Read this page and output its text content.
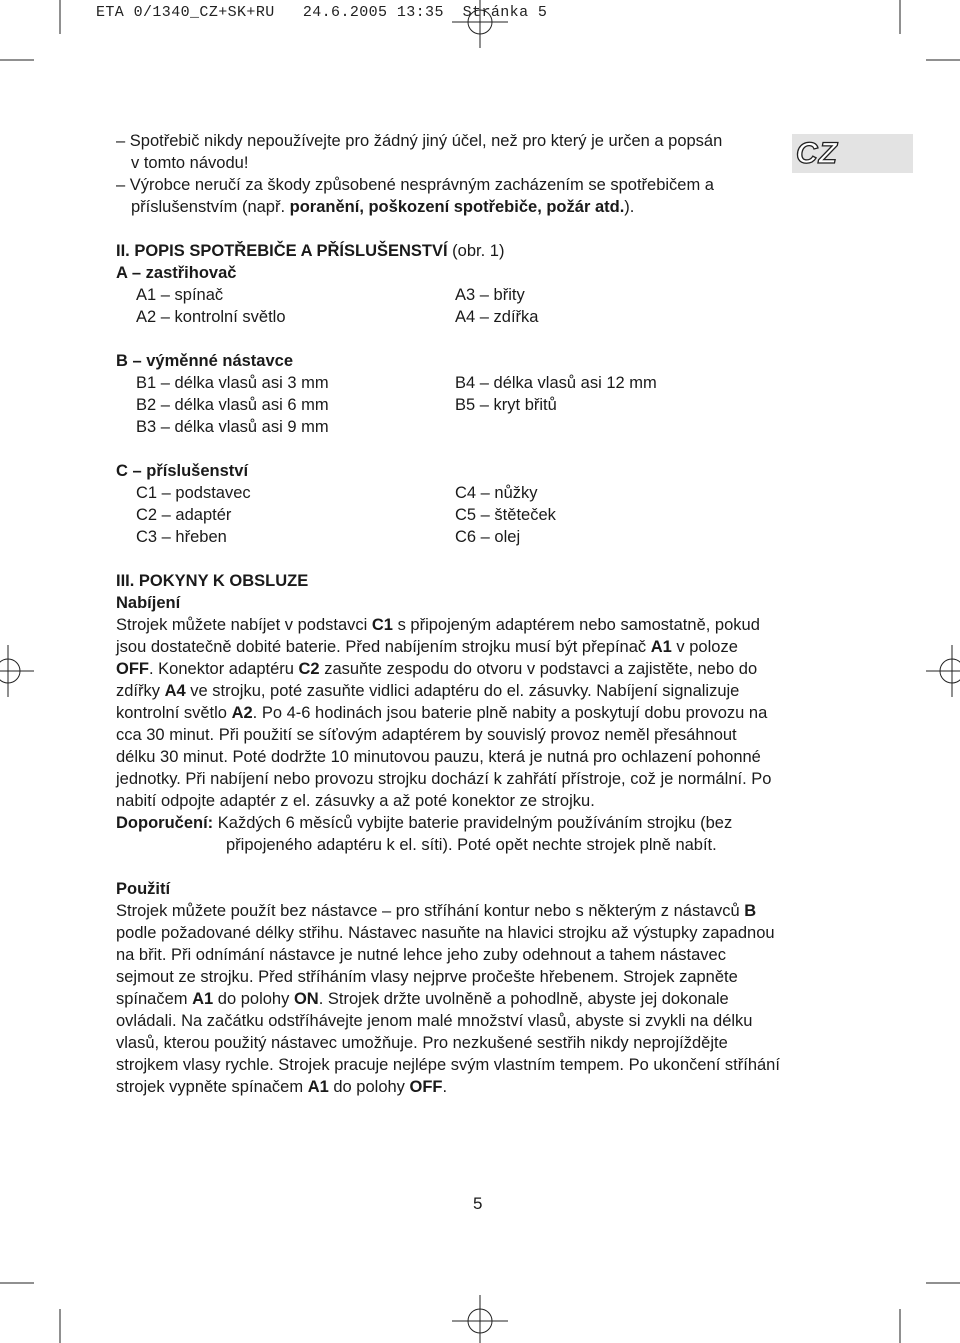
ETA 0/1340_CZ+SK+RU   24.6.2005 13:35  Stránka 5
CZ
– Spotřebič nikdy nepoužívejte pro žádný jiný účel, než pro který je určen a popsán
v tomto návodu!
– Výrobce neručí za škody způsobené nesprávným zacházením se spotřebičem a
příslušenstvím (např. poranění, poškození spotřebiče, požár atd.).
II. POPIS SPOTŘEBIČE A PŘÍSLUŠENSTVÍ (obr. 1)
A – zastřihovač
A1 – spínač
A2 – kontrolní světlo
A3 – břity
A4 – zdířka
B – výměnné nástavce
B1 – délka vlasů asi 3 mm
B2 – délka vlasů asi 6 mm
B3 – délka vlasů asi 9 mm
B4 – délka vlasů asi 12 mm
B5 – kryt břitů
C – příslušenství
C1 – podstavec
C2 – adaptér
C3 – hřeben
C4 – nůžky
C5 – štěteček
C6 – olej
III. POKYNY K OBSLUZE
Nabíjení
Strojek můžete nabíjet v podstavci C1 s připojeným adaptérem nebo samostatně, pokud
jsou dostatečně dobité baterie. Před nabíjením strojku musí být přepínač A1 v poloze
OFF. Konektor adaptéru C2 zasuňte zespodu do otvoru v podstavci a zajistěte, nebo do
zdířky A4 ve strojku, poté zasuňte vidlici adaptéru do el. zásuvky. Nabíjení signalizuje
kontrolní světlo A2. Po 4-6 hodinách jsou baterie plně nabity a poskytují dobu provozu na
cca 30 minut. Při použití se síťovým adaptérem by souvislý provoz neměl přesáhnout
délku 30 minut. Poté dodržte 10 minutovou pauzu, která je nutná pro ochlazení pohonné
jednotky. Při nabíjení nebo provozu strojku dochází k zahřátí přístroje, což je normální. Po
nabití odpojte adaptér z el. zásuvky a až poté konektor ze strojku.
Doporučení: Každých 6 měsíců vybijte baterie pravidelným používáním strojku (bez
připojeného adaptéru k el. síti). Poté opět nechte strojek plně nabít.
Použití
Strojek můžete použít bez nástavce – pro stříhání kontur nebo s některým z nástavců B
podle požadované délky střihu. Nástavec nasuňte na hlavici strojku až výstupky zapadnou
na břit. Při odnímání nástavce je nutné lehce jeho zuby odehnout a tahem nástavec
sejmout ze strojku. Před stříháním vlasy nejprve pročešte hřebenem. Strojek zapněte
spínačem A1 do polohy ON. Strojek držte uvolněně a pohodlně, abyste jej dokonale
ovládali. Na začátku odstříhávejte jenom malé množství vlasů, abyste si zvykli na délku
vlasů, kterou použitý nástavec umožňuje. Pro nezkušené sestřih nikdy neprojíždějte
strojkem vlasy rychle. Strojek pracuje nejlépe svým vlastním tempem. Po ukončení stříhání
strojek vypněte spínačem A1 do polohy OFF.
5
